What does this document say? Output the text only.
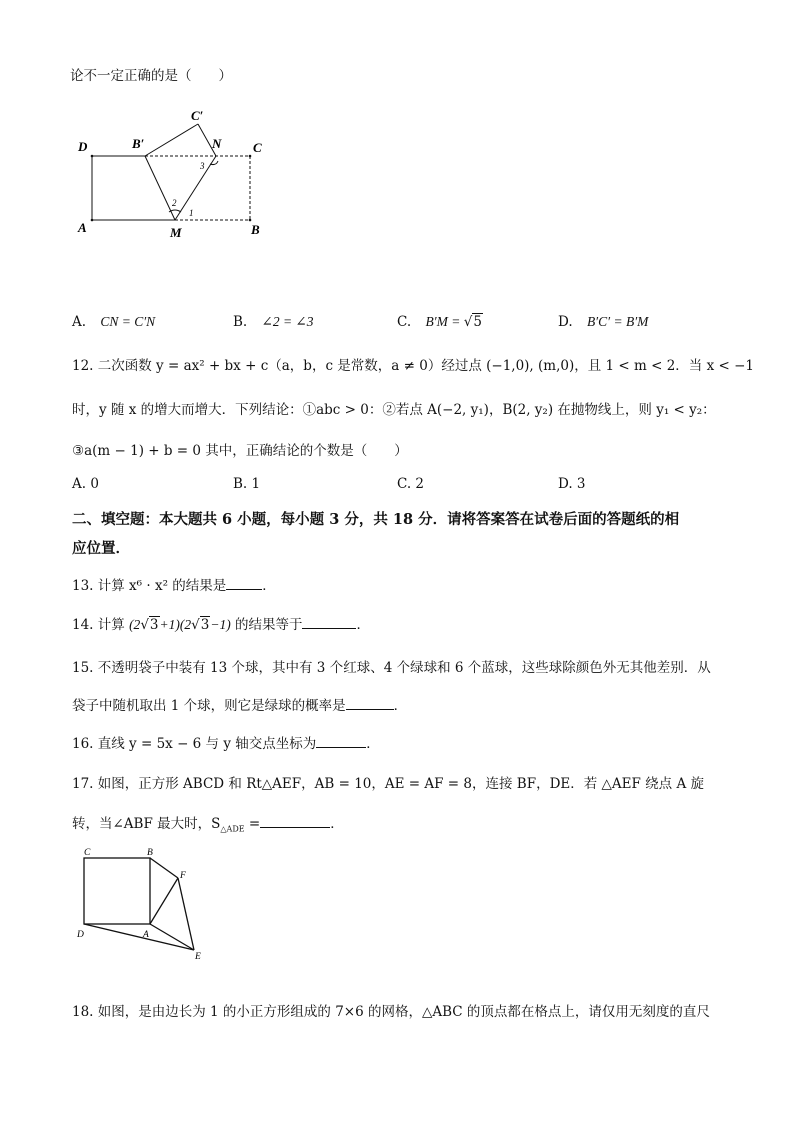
论不一定正确的是（　　）
D	B′
C′
N C
A	M	B
1
2
3
A. CN = C′N	B. ∠2 = ∠3	C. B′M = √5	D. B′C′ = B′M
12. 二次函数 y = ax² + bx + c（a，b，c 是常数，a ≠ 0）经过点 (−1,0), (m,0)，且 1 < m < 2．当 x < −1
时，y 随 x 的增大而增大．下列结论：①abc > 0：②若点 A(−2, y₁)，B(2, y₂) 在抛物线上，则 y₁ < y₂：
③a(m − 1) + b = 0 其中，正确结论的个数是（　　）
A. 0	B. 1	C. 2	D. 3
二、填空题：本大题共 6 小题，每小题 3 分，共 18 分．请将答案答在试卷后面的答题纸的相
应位置．
13. 计算 x⁶ · x² 的结果是	．
14. 计算 (2√3+1)(2√3−1) 的结果等于	．
15. 不透明袋子中装有 13 个球，其中有 3 个红球、4 个绿球和 6 个蓝球，这些球除颜色外无其他差别．从
袋子中随机取出 1 个球，则它是绿球的概率是	．
16. 直线 y = 5x − 6 与 y 轴交点坐标为	．
17. 如图，正方形 ABCD 和 Rt△AEF，AB = 10，AE = AF = 8，连接 BF，DE．若 △AEF 绕点 A 旋
转，当∠ABF 最大时，$S_{\triangle ADE}$ =	．
C	B
F
D	A
E
18. 如图，是由边长为 1 的小正方形组成的 7×6 的网格，△ABC 的顶点都在格点上，请仅用无刻度的直尺
